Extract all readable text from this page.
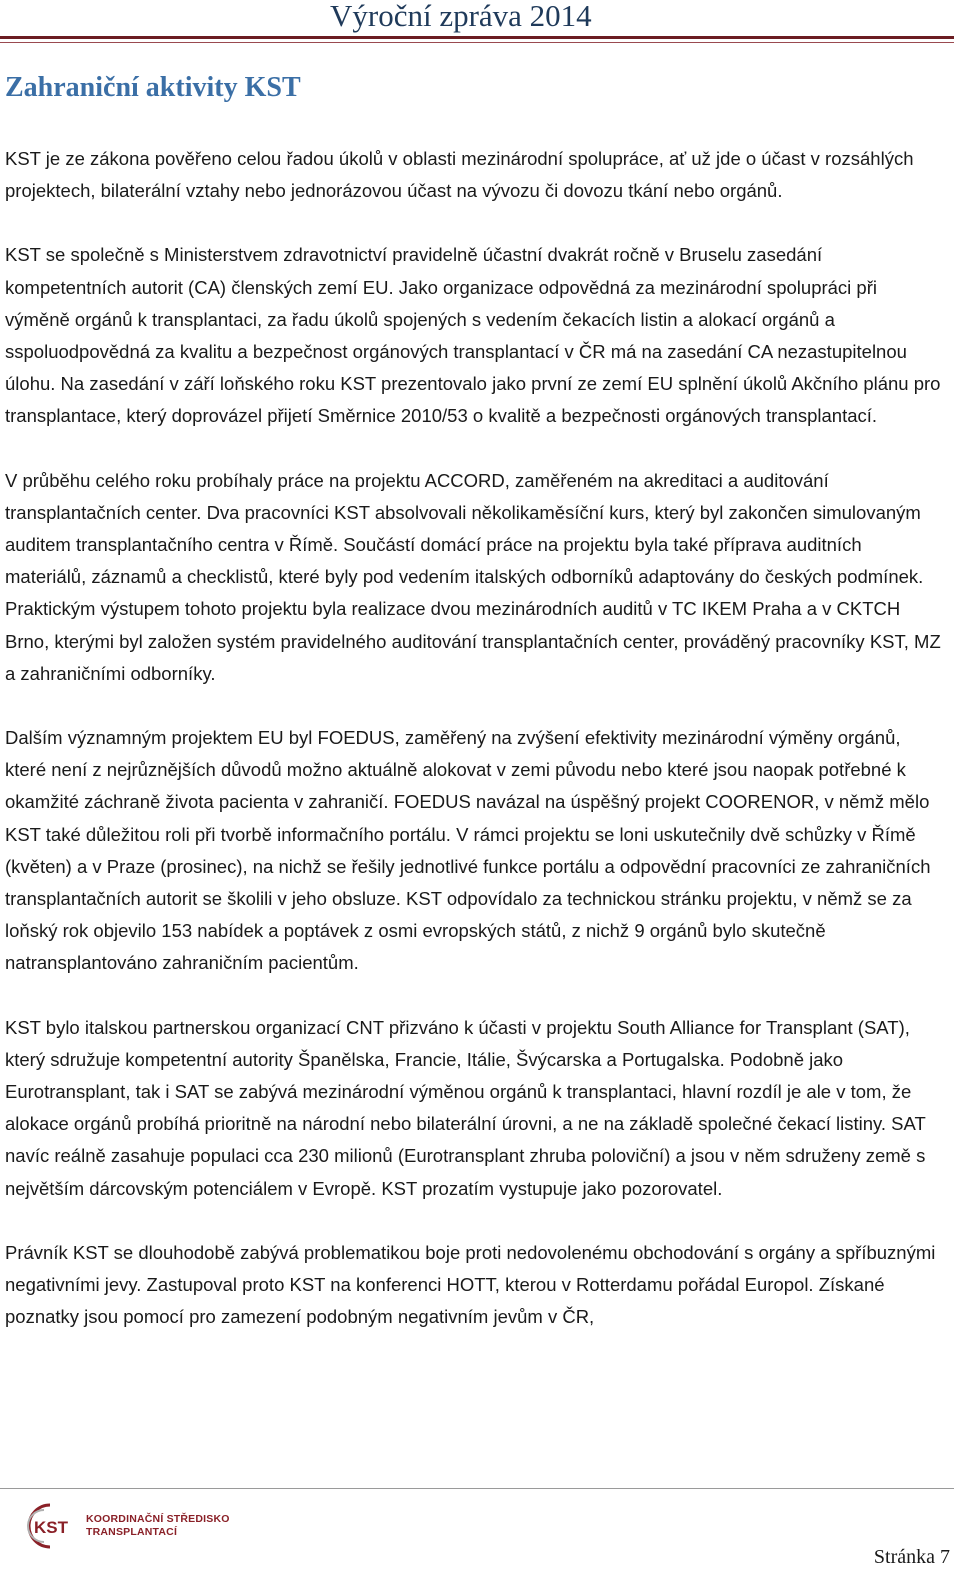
Výroční zpráva 2014
Zahraniční aktivity KST

KST je ze zákona pověřeno celou řadou úkolů v oblasti mezinárodní spolupráce, ať už jde o účast v rozsáhlých projektech, bilaterální vztahy nebo jednorázovou účast na vývozu či dovozu tkání nebo orgánů.

KST se společně s Ministerstvem zdravotnictví pravidelně účastní dvakrát ročně v Bruselu zasedání kompetentních autorit (CA) členských zemí EU. Jako organizace odpovědná za mezinárodní spolupráci při výměně orgánů k transplantaci, za řadu úkolů spojených s vedením čekacích listin a alokací orgánů a sspoluodpovědná za kvalitu a bezpečnost orgánových transplantací v ČR má na zasedání CA nezastupitelnou úlohu. Na zasedání v září loňského roku KST prezentovalo jako první ze zemí EU splnění úkolů Akčního plánu pro transplantace, který doprovázel přijetí Směrnice 2010/53 o kvalitě a bezpečnosti orgánových transplantací.

V průběhu celého roku probíhaly práce na projektu ACCORD, zaměřeném na akreditaci a auditování transplantačních center. Dva pracovníci KST absolvovali několikaměsíční kurs, který byl zakončen simulovaným auditem transplantačního centra v Římě. Součástí domácí práce na projektu byla také příprava auditních materiálů, záznamů a checklistů, které byly pod vedením italských odborníků adaptovány do českých podmínek. Praktickým výstupem tohoto projektu byla realizace dvou mezinárodních auditů v TC IKEM Praha a v CKTCH Brno, kterými byl založen systém pravidelného auditování transplantačních center, prováděný pracovníky KST, MZ a zahraničními odborníky.

Dalším významným projektem EU byl FOEDUS, zaměřený na zvýšení efektivity mezinárodní výměny orgánů, které není z nejrůznějších důvodů možno aktuálně alokovat v zemi původu nebo které jsou naopak potřebné k okamžité záchraně života pacienta v zahraničí. FOEDUS navázal na úspěšný projekt COORENOR, v němž mělo KST také důležitou roli při tvorbě informačního portálu. V rámci projektu se loni uskutečnily dvě schůzky v Římě (květen) a v Praze (prosinec), na nichž se řešily jednotlivé funkce portálu a odpovědní pracovníci ze zahraničních transplantačních autorit se školili v jeho obsluze. KST odpovídalo za technickou stránku projektu, v němž se za loňský rok objevilo 153 nabídek a poptávek z osmi evropských států, z nichž 9 orgánů bylo skutečně natransplantováno zahraničním pacientům.

KST bylo italskou partnerskou organizací CNT přizváno k účasti v projektu South Alliance for Transplant (SAT), který sdružuje kompetentní autority Španělska, Francie, Itálie, Švýcarska a Portugalska. Podobně jako Eurotransplant, tak i SAT se zabývá mezinárodní výměnou orgánů k transplantaci, hlavní rozdíl je ale v tom, že alokace orgánů probíhá prioritně na národní nebo bilaterální úrovni, a ne na základě společné čekací listiny. SAT navíc reálně zasahuje populaci cca 230 milionů (Eurotransplant zhruba poloviční) a jsou v něm sdruženy země s největším dárcovským potenciálem v Evropě. KST prozatím vystupuje jako pozorovatel.

Právník KST se dlouhodobě zabývá problematikou boje proti nedovolenému obchodování s orgány a spříbuznými negativními jevy. Zastupoval proto KST na konferenci HOTT, kterou v Rotterdamu pořádal Europol. Získané poznatky jsou pomocí pro zamezení podobným negativním jevům v ČR,

KST KOORDINAČNÍ STŘEDISKO
TRANSPLANTACÍ
Stránka 7
